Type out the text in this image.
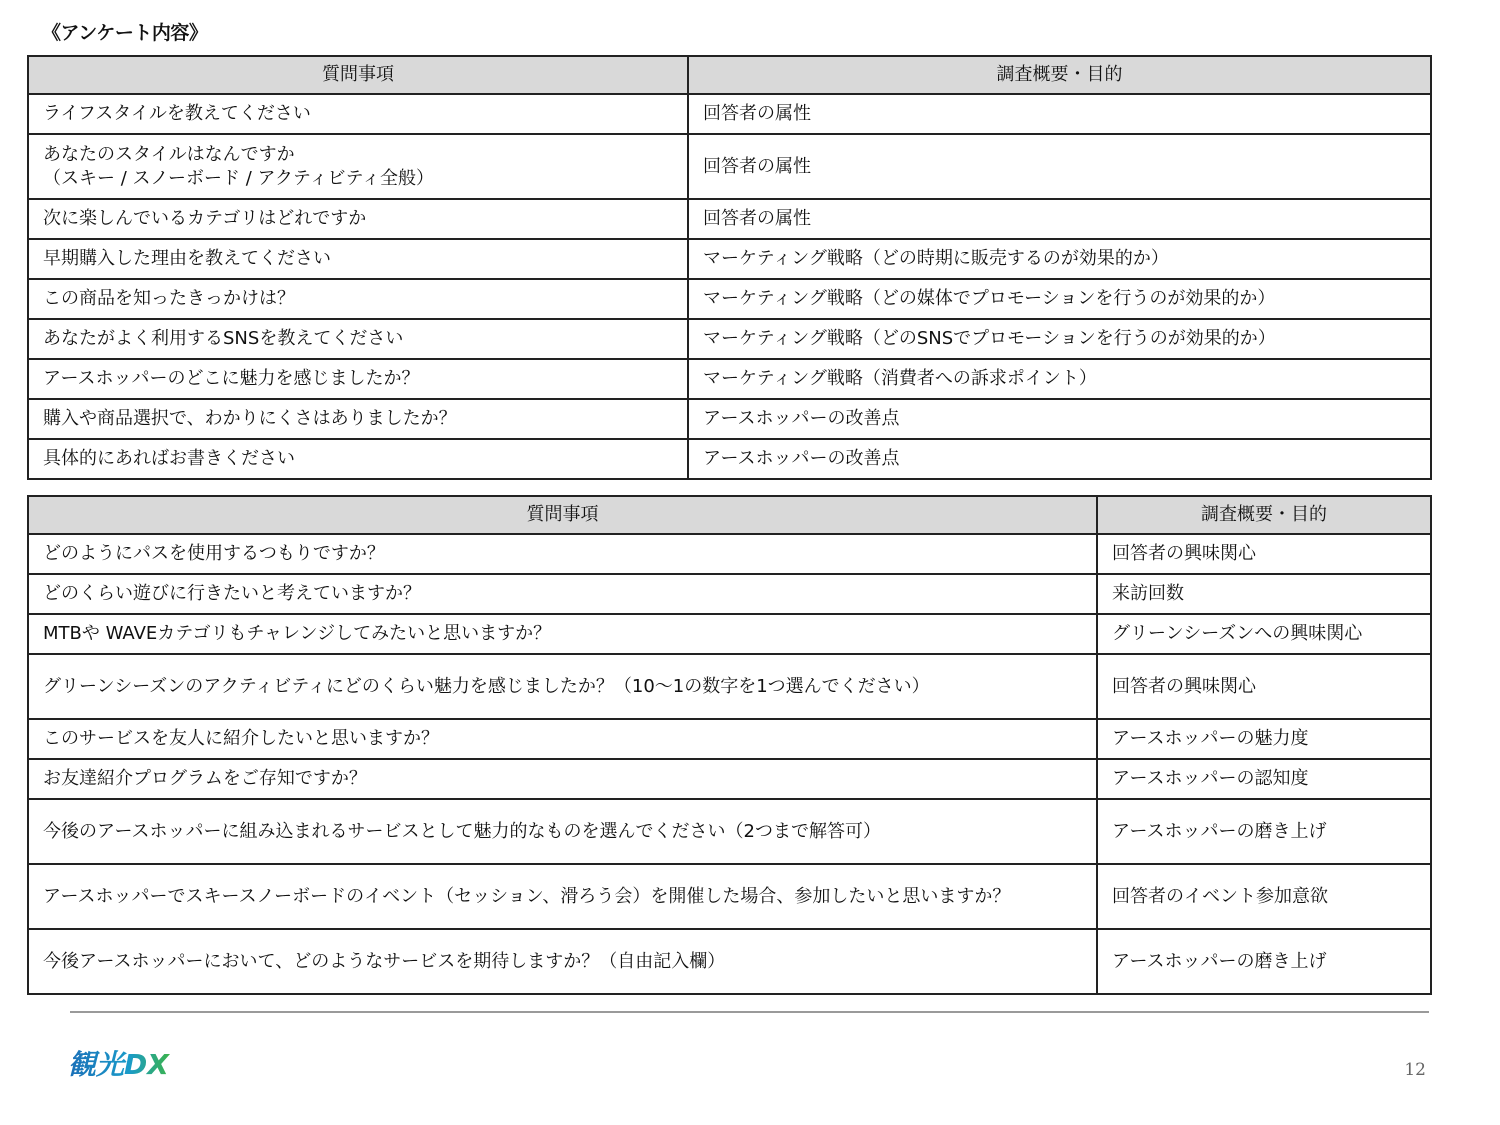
《アンケート内容》
質問事項	調査概要・目的
ライフスタイルを教えてください	回答者の属性
あなたのスタイルはなんですか
（スキー / スノーボード / アクティビティ全般）	回答者の属性
次に楽しんでいるカテゴリはどれですか	回答者の属性
早期購入した理由を教えてください	マーケティング戦略（どの時期に販売するのが効果的か）
この商品を知ったきっかけは？	マーケティング戦略（どの媒体でプロモーションを行うのが効果的か）
あなたがよく利用するSNSを教えてください	マーケティング戦略（どのSNSでプロモーションを行うのが効果的か）
アースホッパーのどこに魅力を感じましたか？	マーケティング戦略（消費者への訴求ポイント）
購入や商品選択で、わかりにくさはありましたか？	アースホッパーの改善点
具体的にあればお書きください	アースホッパーの改善点
質問事項	調査概要・目的
どのようにパスを使用するつもりですか？	回答者の興味関心
どのくらい遊びに行きたいと考えていますか？	来訪回数
MTBや WAVEカテゴリもチャレンジしてみたいと思いますか？	グリーンシーズンへの興味関心
グリーンシーズンのアクティビティにどのくらい魅力を感じましたか？（10～1の数字を1つ選んでください）	回答者の興味関心
このサービスを友人に紹介したいと思いますか？	アースホッパーの魅力度
お友達紹介プログラムをご存知ですか？	アースホッパーの認知度
今後のアースホッパーに組み込まれるサービスとして魅力的なものを選んでください（2つまで解答可）	アースホッパーの磨き上げ
アースホッパーでスキースノーボードのイベント（セッション、滑ろう会）を開催した場合、参加したいと思いますか？	回答者のイベント参加意欲
今後アースホッパーにおいて、どのようなサービスを期待しますか？（自由記入欄）	アースホッパーの磨き上げ
観光DX	12
